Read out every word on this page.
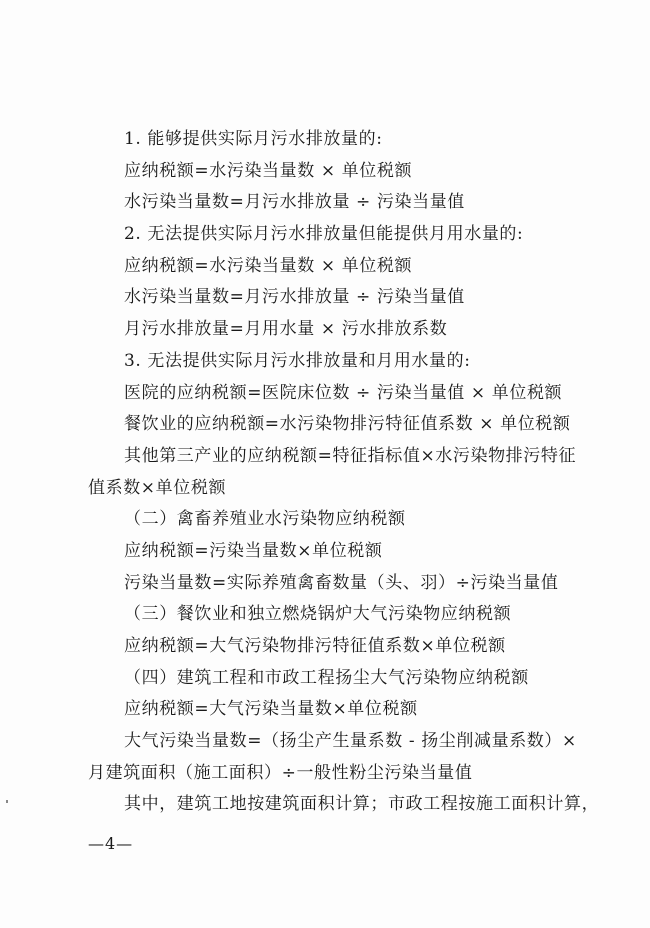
1. 能够提供实际月污水排放量的:
应纳税额=水污染当量数 × 单位税额
水污染当量数=月污水排放量 ÷ 污染当量值
2. 无法提供实际月污水排放量但能提供月用水量的:
应纳税额=水污染当量数 × 单位税额
水污染当量数=月污水排放量 ÷ 污染当量值
月污水排放量=月用水量 × 污水排放系数
3. 无法提供实际月污水排放量和月用水量的:
医院的应纳税额=医院床位数 ÷ 污染当量值 × 单位税额
餐饮业的应纳税额=水污染物排污特征值系数 × 单位税额
其他第三产业的应纳税额=特征指标值×水污染物排污特征
值系数×单位税额
（二）禽畜养殖业水污染物应纳税额
应纳税额=污染当量数×单位税额
污染当量数=实际养殖禽畜数量（头、羽）÷污染当量值
（三）餐饮业和独立燃烧锅炉大气污染物应纳税额
应纳税额=大气污染物排污特征值系数×单位税额
（四）建筑工程和市政工程扬尘大气污染物应纳税额
应纳税额=大气污染当量数×单位税额
大气污染当量数=（扬尘产生量系数 - 扬尘削减量系数）×
月建筑面积（施工面积）÷一般性粉尘污染当量值
其中，建筑工地按建筑面积计算；市政工程按施工面积计算，
—4—
